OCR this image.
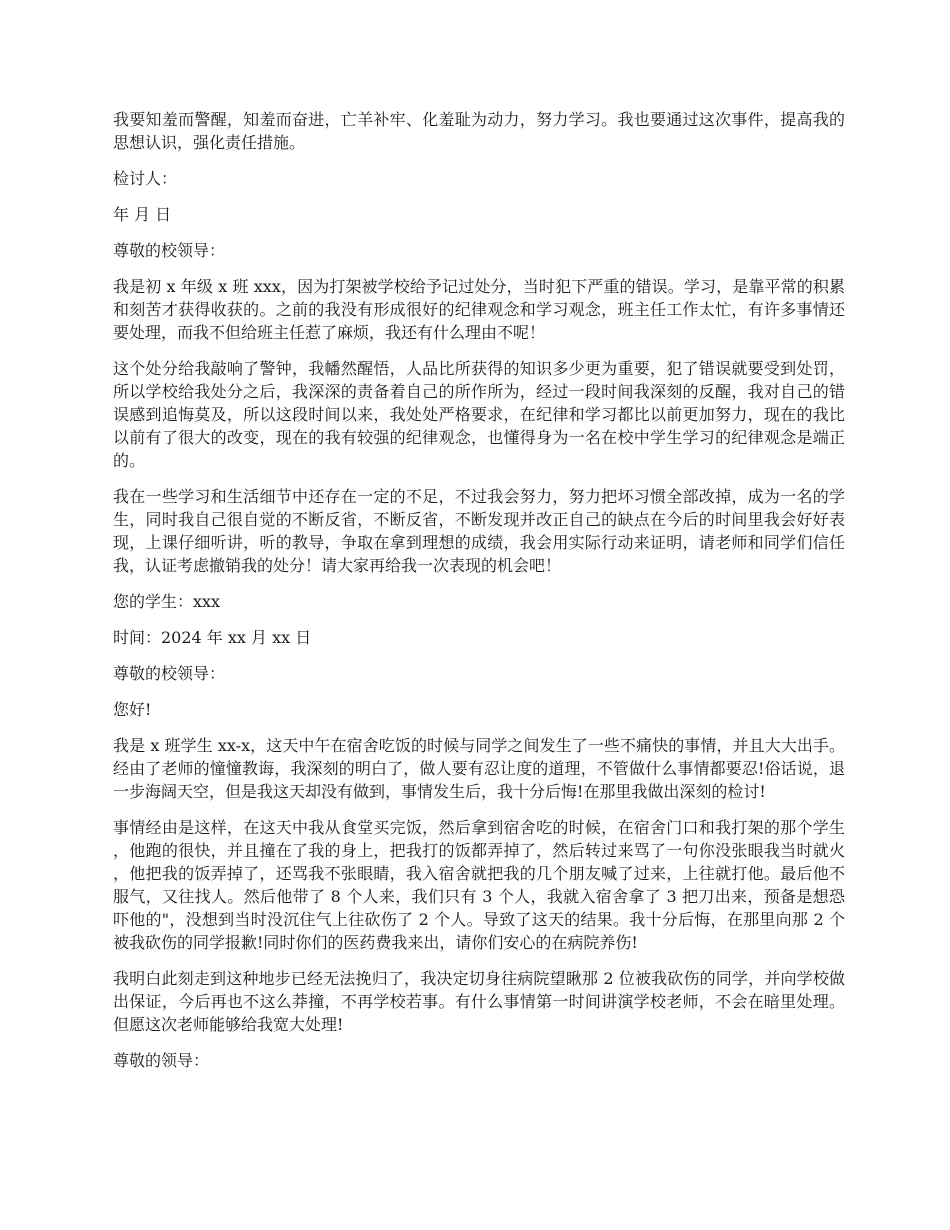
我要知羞而警醒，知羞而奋进，亡羊补牢、化羞耻为动力，努力学习。我也要通过这次事件，提高我的思想认识，强化责任措施。

检讨人：

年 月 日

尊敬的校领导：

我是初 x 年级 x 班 xxx，因为打架被学校给予记过处分，当时犯下严重的错误。学习，是靠平常的积累和刻苦才获得收获的。之前的我没有形成很好的纪律观念和学习观念，班主任工作太忙，有许多事情还要处理，而我不但给班主任惹了麻烦，我还有什么理由不呢！

这个处分给我敲响了警钟，我幡然醒悟，人品比所获得的知识多少更为重要，犯了错误就要受到处罚，所以学校给我处分之后，我深深的责备着自己的所作所为，经过一段时间我深刻的反醒，我对自己的错误感到追悔莫及，所以这段时间以来，我处处严格要求，在纪律和学习都比以前更加努力，现在的我比以前有了很大的改变，现在的我有较强的纪律观念，也懂得身为一名在校中学生学习的纪律观念是端正的。

我在一些学习和生活细节中还存在一定的不足，不过我会努力，努力把坏习惯全部改掉，成为一名的学生，同时我自己很自觉的不断反省，不断反省，不断发现并改正自己的缺点在今后的时间里我会好好表现，上课仔细听讲，听的教导，争取在拿到理想的成绩，我会用实际行动来证明，请老师和同学们信任我，认证考虑撤销我的处分！请大家再给我一次表现的机会吧！

您的学生：xxx

时间：2024 年 xx 月 xx 日

尊敬的校领导：

您好!

我是 x 班学生 xx-x，这天中午在宿舍吃饭的时候与同学之间发生了一些不痛快的事情，并且大大出手。经由了老师的憧憧教诲，我深刻的明白了，做人要有忍让度的道理，不管做什么事情都要忍!俗话说，退一步海阔天空，但是我这天却没有做到，事情发生后，我十分后悔!在那里我做出深刻的检讨!

事情经由是这样，在这天中我从食堂买完饭，然后拿到宿舍吃的时候，在宿舍门口和我打架的那个学生，他跑的很快，并且撞在了我的身上，把我打的饭都弄掉了，然后转过来骂了一句你没张眼我当时就火，他把我的饭弄掉了，还骂我不张眼睛，我入宿舍就把我的几个朋友喊了过来，上往就打他。最后他不服气，又往找人。然后他带了 8 个人来，我们只有 3 个人，我就入宿舍拿了 3 把刀出来，预备是想恐吓他的"，没想到当时没沉住气上往砍伤了 2 个人。导致了这天的结果。我十分后悔，在那里向那 2 个被我砍伤的同学报歉!同时你们的医药费我来出，请你们安心的在病院养伤!

我明白此刻走到这种地步已经无法挽归了，我决定切身往病院望瞅那 2 位被我砍伤的同学，并向学校做出保证，今后再也不这么莽撞，不再学校若事。有什么事情第一时间讲演学校老师，不会在暗里处理。但愿这次老师能够给我宽大处理!

尊敬的领导：
